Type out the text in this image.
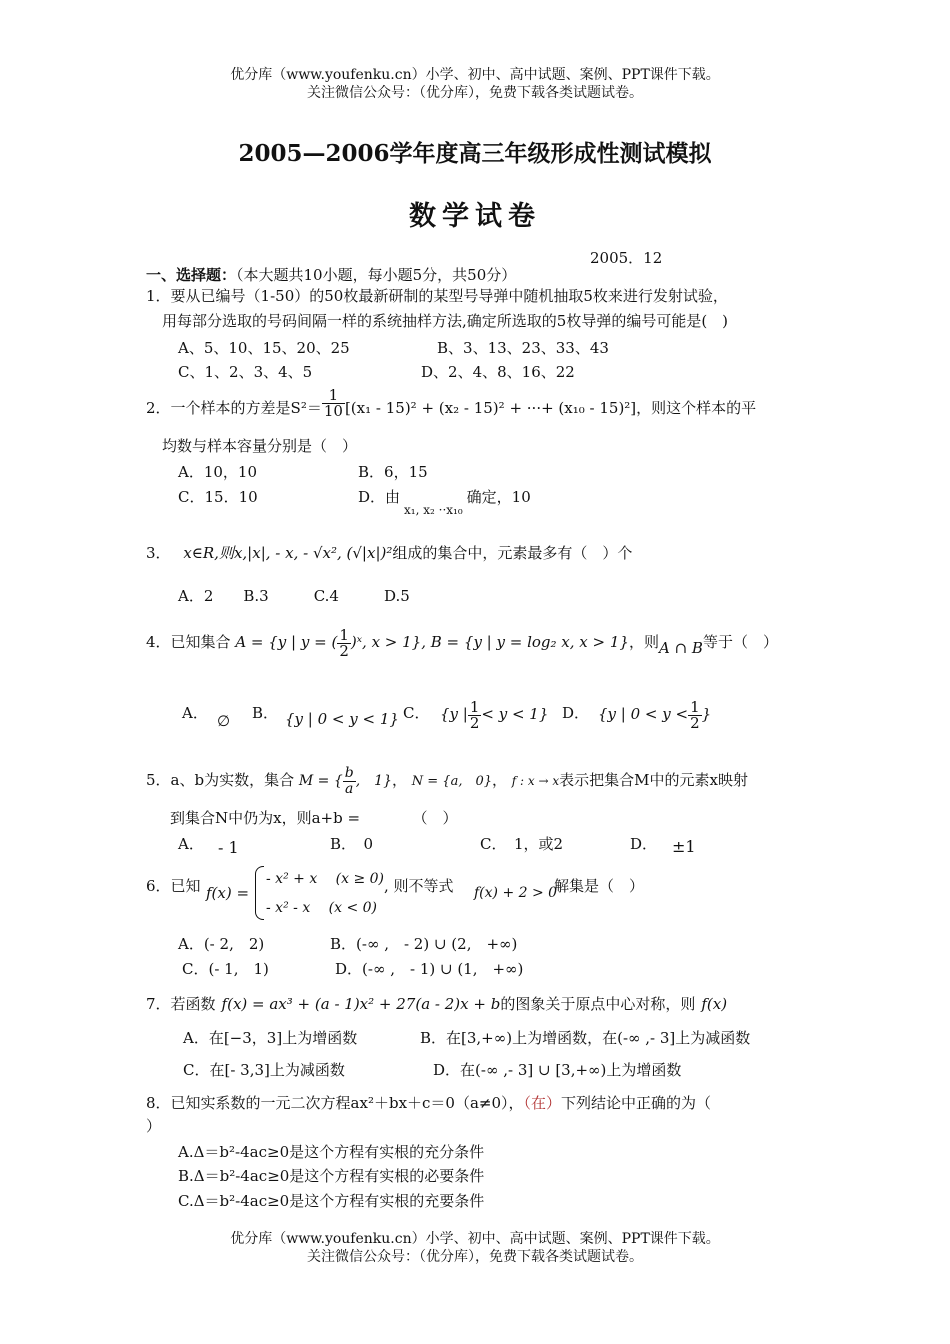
优分库（www.youfenku.cn）小学、初中、高中试题、案例、PPT课件下载。
关注微信公众号：（优分库），免费下载各类试题试卷。
2005—2006学年度高三年级形成性测试模拟
数学试卷
2005．12
一、选择题：（本大题共10小题，每小题5分，共50分）
1．要从已编号（1-50）的50枚最新研制的某型号导弹中随机抽取5枚来进行发射试验，
用每部分选取的号码间隔一样的系统抽样方法,确定所选取的5枚导弹的编号可能是(　)
A、5、10、15、20、25	B、3、13、23、33、43
C、1、2、3、4、5	D、2、4、8、16、22
2．一个样本的方差是$S^2= \frac{1}{10} [(x_1 - 15)^2 + (x_2 - 15)^2$ + ···+ (x₁₀ - 15)²]，则这个样本的平
均数与样本容量分别是（　）
A．10，10	B．6，15
C．15．10	D．由$_{x_1, x_2 \cdot\cdot x_{10}}$确定，10
3． x∈R,则x,|x|, - x, - √x², (√|x|)²组成的集合中，元素最多有（　）个
A．2　　B.3　　　C.4　　　D.5
4．已知集合 A = {y | y = ( $\frac{1}{2}$ )ˣ, x > 1}, B = {y | y = log₂ x, x > 1}，则A ∩ B等于（　）
A． ∅ B． {y | 0 < y < 1} C． {y | $\frac{1}{2} < y < 1$} D． {y | $0 < y < \frac{1}{2}$ }
5．a、b为实数，集合 M = { $\frac{b}{a}$ ,　1}， N = {a,　0}， f : x → x表示把集合M中的元素x映射
到集合N中仍为x，则a+b =　　　　（　）
A． - 1	B．　0	C．　1，或2	D． ±1
6．已知 f(x) =
- x² + x　 (x ≥ 0)
- x² - x　 (x < 0)
, 则不等式 f(x) + 2 > 0
解集是（　）
A．(- 2,　2)	B．(-∞ ,　- 2) ∪ (2,　+∞)
C．(- 1,　1)	D．(-∞ ,　- 1) ∪ (1,　+∞)
7．若函数 f(x) = ax³ + (a - 1)x² + 27(a - 2)x + b的图象关于原点中心对称，则 f(x)
A．在[−3，3]上为增函数	B．在[3,+∞)上为增函数，在(-∞ ,- 3]上为减函数
C．在[- 3,3]上为减函数	D．在(-∞ ,- 3] ∪ [3,+∞)上为增函数
8．已知实系数的一元二次方程ax²＋bx＋c＝0（a≠0），（在）下列结论中正确的为（
）
A.Δ＝b²-4ac≥0是这个方程有实根的充分条件
B.Δ＝b²-4ac≥0是这个方程有实根的必要条件
C.Δ＝b²-4ac≥0是这个方程有实根的充要条件
优分库（www.youfenku.cn）小学、初中、高中试题、案例、PPT课件下载。
关注微信公众号：（优分库），免费下载各类试题试卷。
